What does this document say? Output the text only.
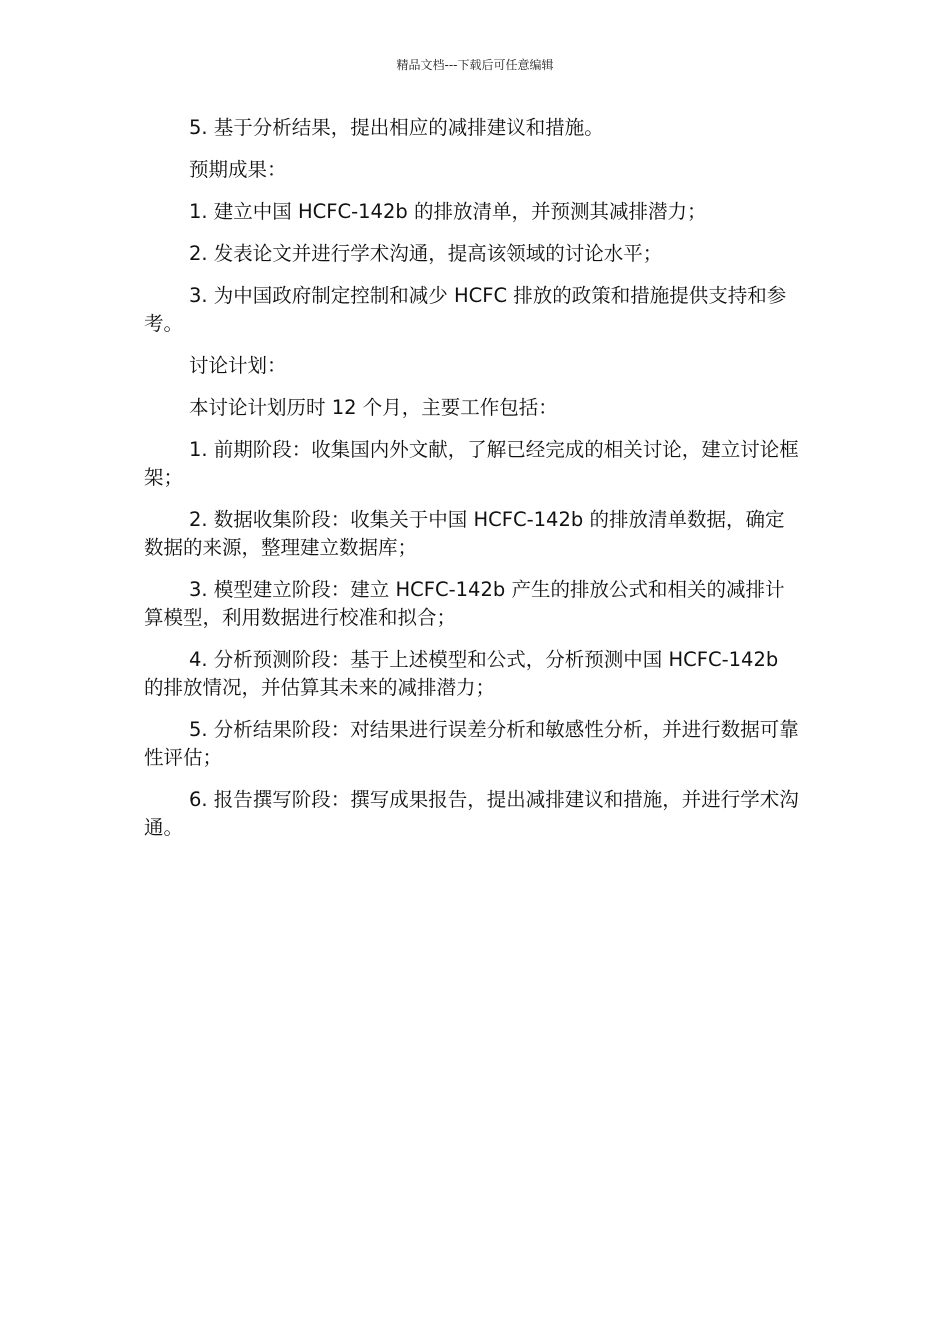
精品文档---下载后可任意编辑

5. 基于分析结果，提出相应的减排建议和措施。

预期成果：

1. 建立中国 HCFC-142b 的排放清单，并预测其减排潜力；

2. 发表论文并进行学术沟通，提高该领域的讨论水平；

3. 为中国政府制定控制和减少 HCFC 排放的政策和措施提供支持和参考。

讨论计划：

本讨论计划历时 12 个月，主要工作包括：

1. 前期阶段：收集国内外文献，了解已经完成的相关讨论，建立讨论框架；

2. 数据收集阶段：收集关于中国 HCFC-142b 的排放清单数据，确定数据的来源，整理建立数据库；

3. 模型建立阶段：建立 HCFC-142b 产生的排放公式和相关的减排计算模型，利用数据进行校准和拟合；

4. 分析预测阶段：基于上述模型和公式，分析预测中国 HCFC-142b 的排放情况，并估算其未来的减排潜力；

5. 分析结果阶段：对结果进行误差分析和敏感性分析，并进行数据可靠性评估；

6. 报告撰写阶段：撰写成果报告，提出减排建议和措施，并进行学术沟通。
